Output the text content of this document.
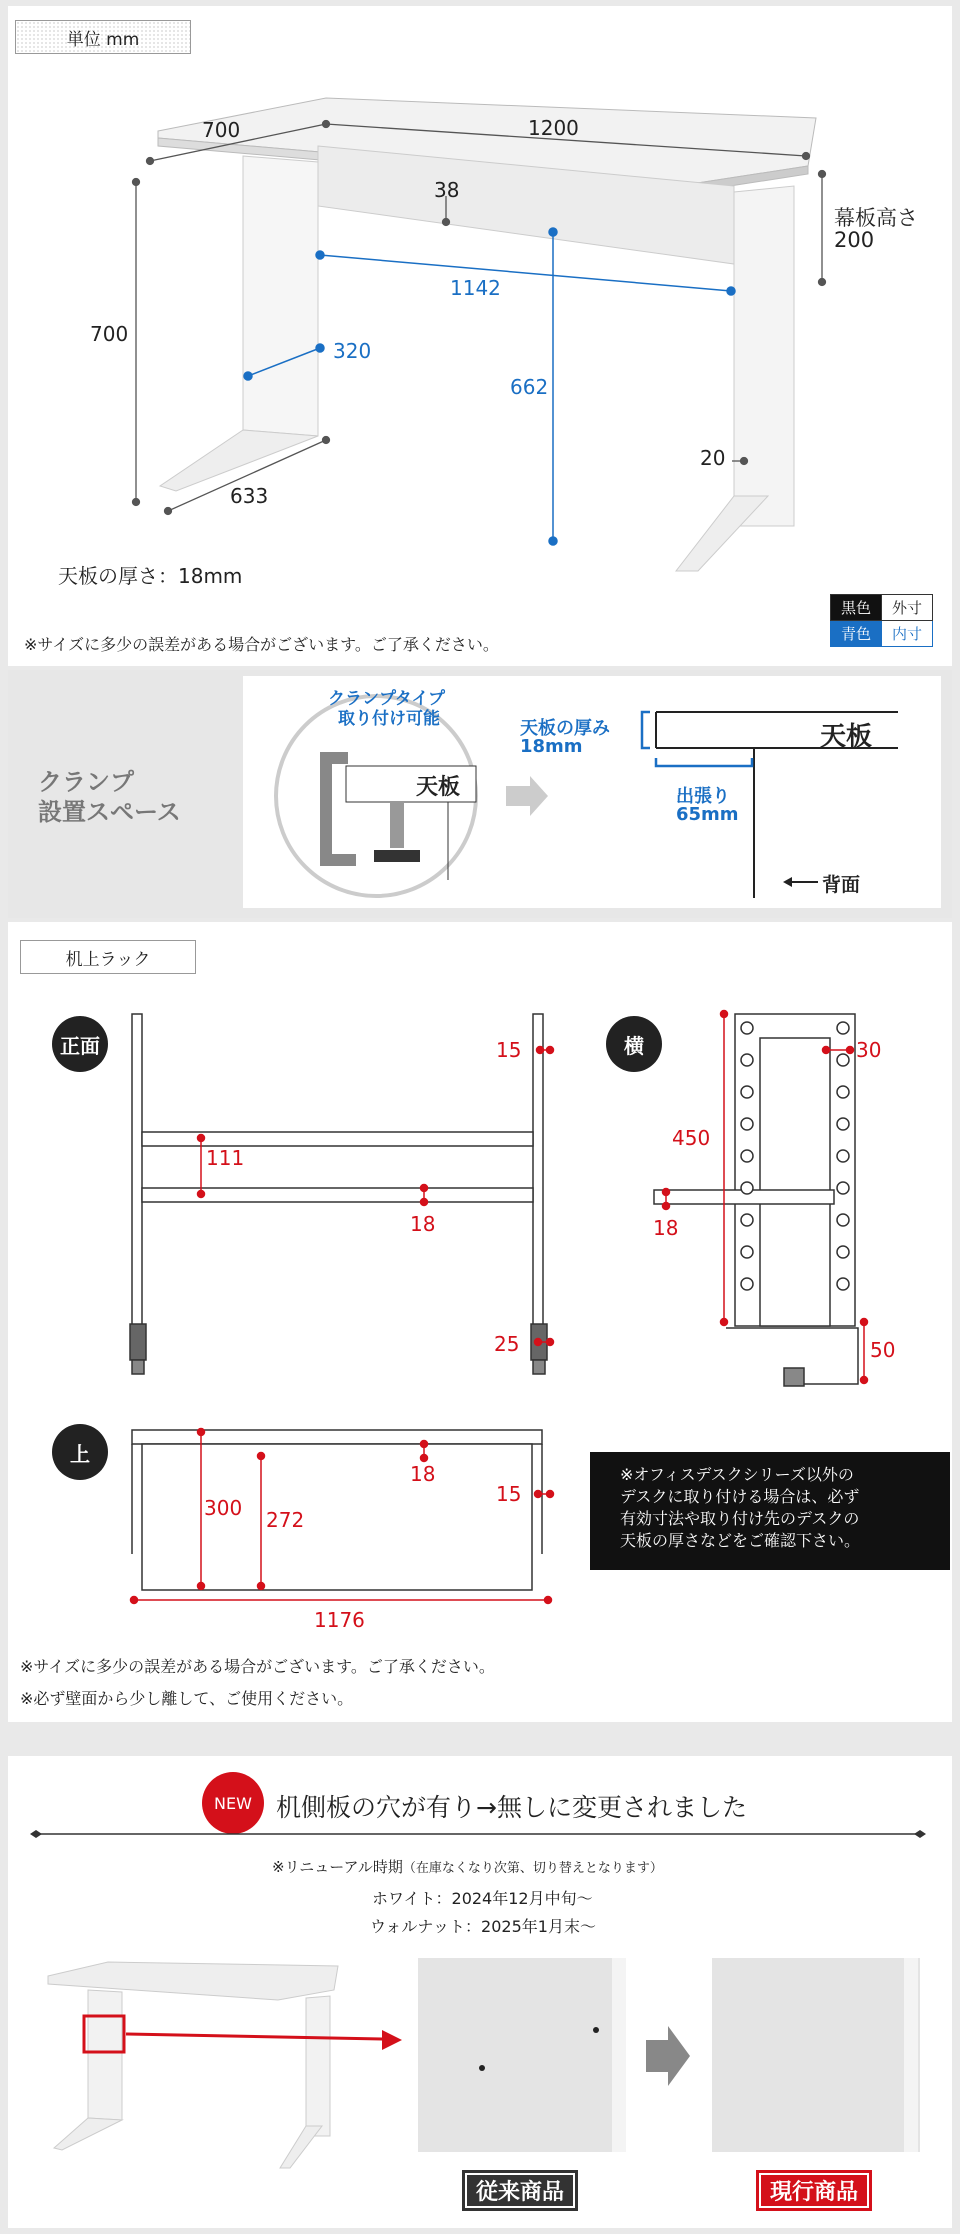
単位 mm
700	1200
38
幕板高さ
200
1142
700
320
662
20
633
天板の厚さ：18mm
黒色	外寸
青色	内寸
※サイズに多少の誤差がある場合がございます。ご了承ください。
クランプ
設置スペース
クランプタイプ
取り付け可能
天板
天板の厚み
18mm	天板
出張り
65mm
背面
机上ラック
正面	横
上
15
111
18
25
30
450
18
50
18
15
300 272
1176
※オフィスデスクシリーズ以外の
デスクに取り付ける場合は、必ず
有効寸法や取り付け先のデスクの
天板の厚さなどをご確認下さい。
※サイズに多少の誤差がある場合がございます。ご了承ください。
※必ず壁面から少し離して、ご使用ください。
NEW 机側板の穴が有り→無しに変更されました
※リニューアル時期（在庫なくなり次第、切り替えとなります）
ホワイト：2024年12月中旬～
ウォルナット：2025年1月末～
従来商品	現行商品
